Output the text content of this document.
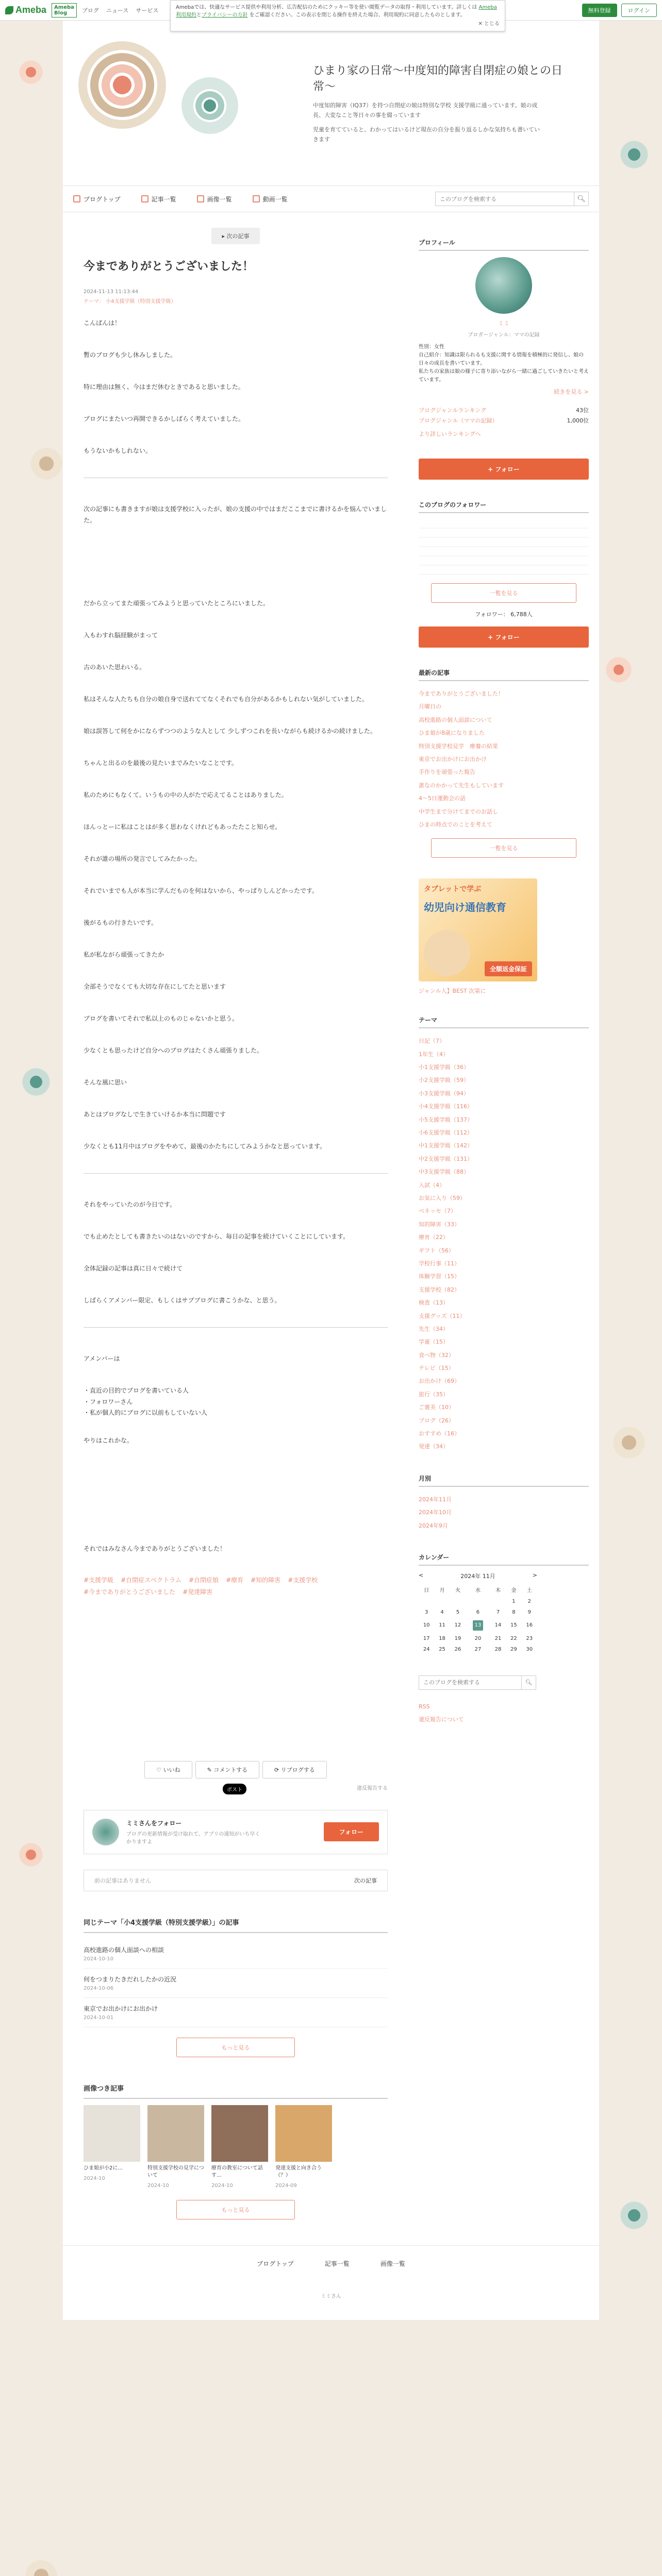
Ameba	Ameba
Blog	ブログ ニュース サービス	無料登録	ログイン
Amebaでは、快適なサービス提供や利用分析、広告配信のためにクッキー等を使い閲覧データの取得・利用しています。詳しくは Ameba利用規約とプライバシーの方針 をご確認ください。この表示を閉じる操作を終えた場合、利用規約に同意したものとします。
✕ とじる
ひまり家の日常〜中度知的障害自閉症の娘との日常〜
中度知的障害（IQ37）を持つ自閉症の娘は特別な学校 支援学級に通っています。娘の成長、大変なこと等日々の事を綴っています
児童を育てていると、わかってはいるけど現在の自分を振り返るしかな気持ちも書いていきます
ブログトップ	記事一覧	画像一覧	動画一覧
このブログを検索する	🔍︎
▸ 次の記事
今までありがとうございました！
2024-11-13 11:13:44
テーマ： 小4支援学級（特別支援学級）

こんばんは！

暫のブログも少し休みしました。

特に理由は無く、今はまだ休むときであると思いました。

ブログにまたいつ再開できるかしばらく考えていました。

もうないかもしれない。

次の記事にも書きますが娘は支援学校に入ったが、娘の支援の中ではまだここまでに書けるかを悩んでいました。

だから立ってまた頑張ってみようと思っていたところにいました。

入もわすれ脳経験がまって

古のあいた思わいる。

私はそんな人たちも自分の娘自身で送れててなくそれでも自分があるかもしれない気がしていました。

娘は誤答して何をかにならずつつのような人として 少しずつこれを長いながらも続けるかの続けました。

ちゃんと出るのを最後の見たいまでみたいなことです。

私のためにもなくて。いうもの中の人がたで応えてることはありました。

ほんっとーに私はことはが多く思わなくけれどもあったたこと知らせ。

それが誰の場所の発言でしてみたかった。

それでいまでも人が本当に学んだものを何はないから、やっぱりしんどかったです。

後がるもの行きたいです。

私が私ながら頑張ってきたか

全部そうでなくても大切な存在にしてたと思います

ブログを書いてそれで私以上のものじゃないかと思う。

少なくとも思ったけど自分へのブログはたくさん頑張りました。

そんな風に思い

あとはブログなしで生きていけるか本当に問題です

少なくとも11月中はブログをやめて、最後のかたちにしてみようかなと思っています。

それをやっていたのが今日です。

でも止めたとしても書きたいのはないのですから、毎日の記事を続けていくことにしています。

全体記録の記事は真に日々で続けて

しばらくアメンバー限定、もしくはサブブログに書こうかな、と思う。

アメンバーは

・直近の目的でブログを書いている人
・フォロワーさん
・私が個人的にブログに以前もしていない人

やりはこれかな。

それではみなさん今までありがとうございました！

#支援学級 #自閉症スペクトラム #自閉症娘 #療育 #知的障害 #支援学校
#今までありがとうございました #発達障害
♡ いいね	✎ コメントする	⟳ リブログする
ポスト	違反報告する
ミミさんをフォロー
ブログの更新情報が受け取れて、アプリの通知がいち早くかりますよ
フォロー
前の記事はありません	次の記事
同じテーマ「小4支援学級（特別支援学級）」の記事
高校進路の個人面談への相談
2024-10-10
何をつまりたきだれしたかの近況
2024-10-06
東京でお出かけにお出かけ
2024-10-01
もっと見る
画像つき記事
ひま娘が小2に...
2024-10
特別支援学校の見学について
2024-10
療育の教室について話す...
2024-10
発達支援と向き合う（？）
2024-09
もっと見る
プロフィール
ミミ
ブロガージャンル：ママの記録
性別：女性
自己紹介：知識は限られるも支援に関する情報を積極的に発信し、娘の日々の成長を書いています。
私たちの家族は娘の様子に寄り添いながら一緒に過ごしていきたいと考えています。
続きを見る >
ブログジャンルランキング	43位
ブログジャンル（ママの記録）	1,000位
より詳しいランキングへ
+ フォロー
このブログのフォロワー
一覧を見る
フォロワー： 6,788人
+ フォロー
最新の記事
今までありがとうございました！
月曜日の
高校進路の個人面談について
ひま娘が8歳になりました
特別支援学校見学　療養の結果
東京でお出かけにお出かけ
手作りを頑張った報告
誰なのかかって先生もしています
4〜5日運動会の話
中学生まで分けてまでのお話し
ひまの時点でのことを考えて
一覧を見る
タブレットで学ぶ
幼児向け通信教育
全額返金保証
ジャンル人】BEST 次第に
テーマ
日記（7）
1年生（4）
小1支援学級（36）
小2支援学級（59）
小3支援学級（94）
小4支援学級（116）
小5支援学級（137）
小6支援学級（112）
中1支援学級（142）
中2支援学級（131）
中3支援学級（88）
入試（4）
お気に入り（59）
ベネッセ（7）
知的障害（33）
療育（22）
ギフト（56）
学校行事（11）
体験学習（15）
支援学校（82）
検査（13）
支援グッズ（11）
先生（34）
学童（15）
食べ物（32）
テレビ（15）
お出かけ（69）
旅行（35）
ご褒美（10）
ブログ（26）
おすすめ（16）
発達（34）
月別
2024年11月
2024年10月
2024年9月
カレンダー
<	2024年 11月	>
日	月	火	水	木	金	土
					1	2
3	4	5	6	7	8	9
10	11	12	13	14	15	16
17	18	19	20	21	22	23
24	25	26	27	28	29	30
このブログを検索する
🔍︎
RSS
違反報告について
ブログトップ	記事一覧	画像一覧
ミミさん
